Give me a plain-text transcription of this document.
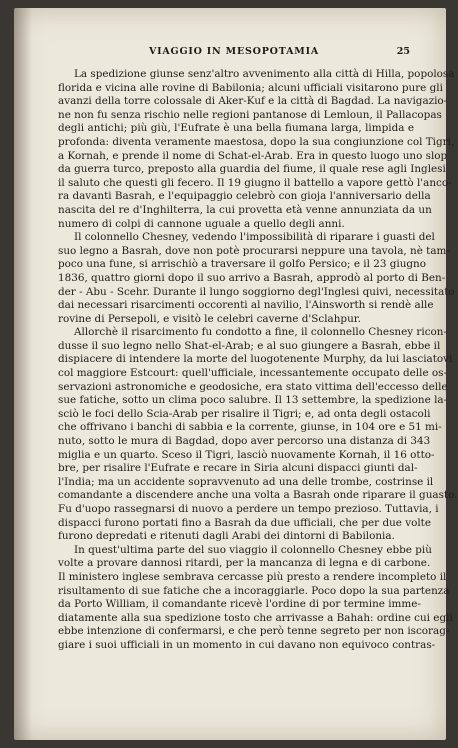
VIAGGIO IN MESOPOTAMIA	25
La spedizione giunse senz'altro avvenimento alla città di Hilla, popolosa
florida e vicina alle rovine di Babilonia; alcuni ufficiali visitarono pure gli
avanzi della torre colossale di Aker-Kuf e la città di Bagdad. La navigazio-
ne non fu senza rischio nelle regioni pantanose di Lemloun, il Pallacopas
degli antichi; più giù, l'Eufrate è una bella fiumana larga, limpida e
profonda: diventa veramente maestosa, dopo la sua congiunzione col Tigri,
a Kornah, e prende il nome di Schat-el-Arab. Era in questo luogo uno slop
da guerra turco, preposto alla guardia del fiume, il quale rese agli Inglesi
il saluto che questi gli fecero. Il 19 giugno il battello a vapore gettò l'anco-
ra davanti Basrah, e l'equipaggio celebrò con gioja l'anniversario della
nascita del re d'Inghilterra, la cui provetta età venne annunziata da un
numero di colpi di cannone uguale a quello degli anni.
Il colonnello Chesney, vedendo l'impossibilità di riparare i guasti del
suo legno a Basrah, dove non potè procurarsi neppure una tavola, nè tam-
poco una fune, si arrischiò a traversare il golfo Persico; e il 23 giugno
1836, quattro giorni dopo il suo arrivo a Basrah, approdò al porto di Ben-
der - Abu - Scehr. Durante il lungo soggiorno degl'Inglesi quivi, necessitato
dai necessari risarcimenti occorenti al navilio, l'Ainsworth si rendè alle
rovine di Persepoli, e visitò le celebri caverne d'Sclahpur.
Allorchè il risarcimento fu condotto a fine, il colonnello Chesney ricon-
dusse il suo legno nello Shat-el-Arab; e al suo giungere a Basrah, ebbe il
dispiacere di intendere la morte del luogotenente Murphy, da lui lasciatovi
col maggiore Estcourt: quell'ufficiale, incessantemente occupato delle os-
servazioni astronomiche e geodosiche, era stato vittima dell'eccesso delle
sue fatiche, sotto un clima poco salubre. Il 13 settembre, la spedizione la-
sciò le foci dello Scia-Arab per risalire il Tigri; e, ad onta degli ostacoli
che offrivano i banchi di sabbia e la corrente, giunse, in 104 ore e 51 mi-
nuto, sotto le mura di Bagdad, dopo aver percorso una distanza di 343
miglia e un quarto. Sceso il Tigri, lasciò nuovamente Kornah, il 16 otto-
bre, per risalire l'Eufrate e recare in Siria alcuni dispacci giunti dal-
l'India; ma un accidente sopravvenuto ad una delle trombe, costrinse il
comandante a discendere anche una volta a Basrah onde riparare il guasto.
Fu d'uopo rassegnarsi di nuovo a perdere un tempo prezioso. Tuttavia, i
dispacci furono portati fino a Basrah da due ufficiali, che per due volte
furono depredati e ritenuti dagli Arabi dei dintorni di Babilonia.
In quest'ultima parte del suo viaggio il colonnello Chesney ebbe più
volte a provare dannosi ritardi, per la mancanza di legna e di carbone.
Il ministero inglese sembrava cercasse più presto a rendere incompleto il
risultamento di sue fatiche che a incoraggiarle. Poco dopo la sua partenza
da Porto William, il comandante ricevè l'ordine di por termine imme-
diatamente alla sua spedizione tosto che arrivasse a Bahah: ordine cui egli
ebbe intenzione di confermarsi, e che però tenne segreto per non iscorag-
giare i suoi ufficiali in un momento in cui davano non equivoco contras-
